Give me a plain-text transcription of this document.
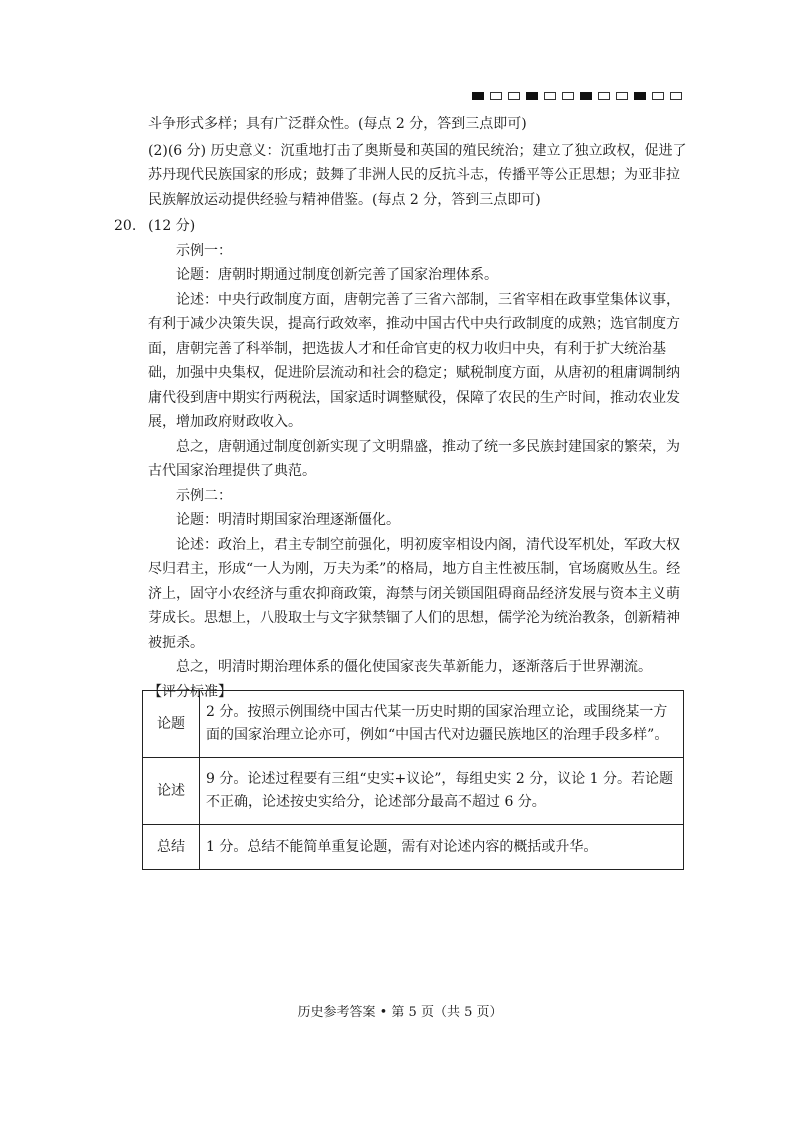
斗争形式多样；具有广泛群众性。(每点 2 分，答到三点即可)

(2)(6 分) 历史意义：沉重地打击了奥斯曼和英国的殖民统治；建立了独立政权，促进了苏丹现代民族国家的形成；鼓舞了非洲人民的反抗斗志，传播平等公正思想；为亚非拉民族解放运动提供经验与精神借鉴。(每点 2 分，答到三点即可)

20. (12 分)

示例一：

论题：唐朝时期通过制度创新完善了国家治理体系。

论述：中央行政制度方面，唐朝完善了三省六部制，三省宰相在政事堂集体议事，有利于减少决策失误，提高行政效率，推动中国古代中央行政制度的成熟；选官制度方面，唐朝完善了科举制，把选拔人才和任命官吏的权力收归中央，有利于扩大统治基础，加强中央集权，促进阶层流动和社会的稳定；赋税制度方面，从唐初的租庸调制纳庸代役到唐中期实行两税法，国家适时调整赋役，保障了农民的生产时间，推动农业发展，增加政府财政收入。

总之，唐朝通过制度创新实现了文明鼎盛，推动了统一多民族封建国家的繁荣，为古代国家治理提供了典范。

示例二：

论题：明清时期国家治理逐渐僵化。

论述：政治上，君主专制空前强化，明初废宰相设内阁，清代设军机处，军政大权尽归君主，形成“一人为刚，万夫为柔”的格局，地方自主性被压制，官场腐败丛生。经济上，固守小农经济与重农抑商政策，海禁与闭关锁国阻碍商品经济发展与资本主义萌芽成长。思想上，八股取士与文字狱禁锢了人们的思想，儒学沦为统治教条，创新精神被扼杀。

总之，明清时期治理体系的僵化使国家丧失革新能力，逐渐落后于世界潮流。

【评分标准】

论题	2 分。按照示例围绕中国古代某一历史时期的国家治理立论，或围绕某一方面的国家治理立论亦可，例如“中国古代对边疆民族地区的治理手段多样”。
论述	9 分。论述过程要有三组“史实+议论”，每组史实 2 分，议论 1 分。若论题不正确，论述按史实给分，论述部分最高不超过 6 分。
总结	1 分。总结不能简单重复论题，需有对论述内容的概括或升华。
历史参考答案 • 第 5 页（共 5 页）
